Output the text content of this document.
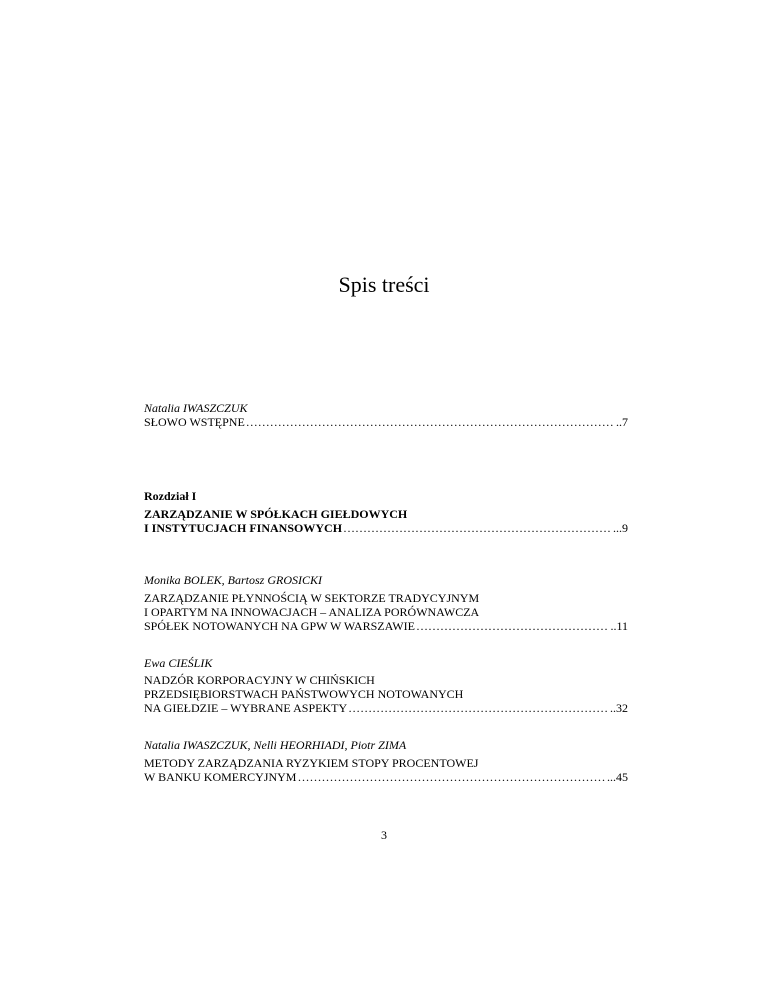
Spis treści
Natalia IWASZCZUK
SŁOWO WSTĘPNE ……………………………………………………………………………………………………………………………………………………………………………………	..7
Rozdział I
ZARZĄDZANIE W SPÓŁKACH GIEŁDOWYCH
I INSTYTUCJACH FINANSOWYCH ……………………………………………………………………………………………………………………………………………………………………………………	...9
Monika BOLEK, Bartosz GROSICKI
ZARZĄDZANIE PŁYNNOŚCIĄ W SEKTORZE TRADYCYJNYM
I OPARTYM NA INNOWACJACH – ANALIZA PORÓWNAWCZA
SPÓŁEK NOTOWANYCH NA GPW W WARSZAWIE ……………………………………………………………………………………………………………………………………………………………………………………	..11
Ewa CIEŚLIK
NADZÓR KORPORACYJNY W CHIŃSKICH
PRZEDSIĘBIORSTWACH PAŃSTWOWYCH NOTOWANYCH
NA GIEŁDZIE – WYBRANE ASPEKTY ……………………………………………………………………………………………………………………………………………………………………………………	..32
Natalia IWASZCZUK, Nelli HEORHIADI, Piotr ZIMA
METODY ZARZĄDZANIA RYZYKIEM STOPY PROCENTOWEJ
W BANKU KOMERCYJNYM ……………………………………………………………………………………………………………………………………………………………………………………	...45
3
